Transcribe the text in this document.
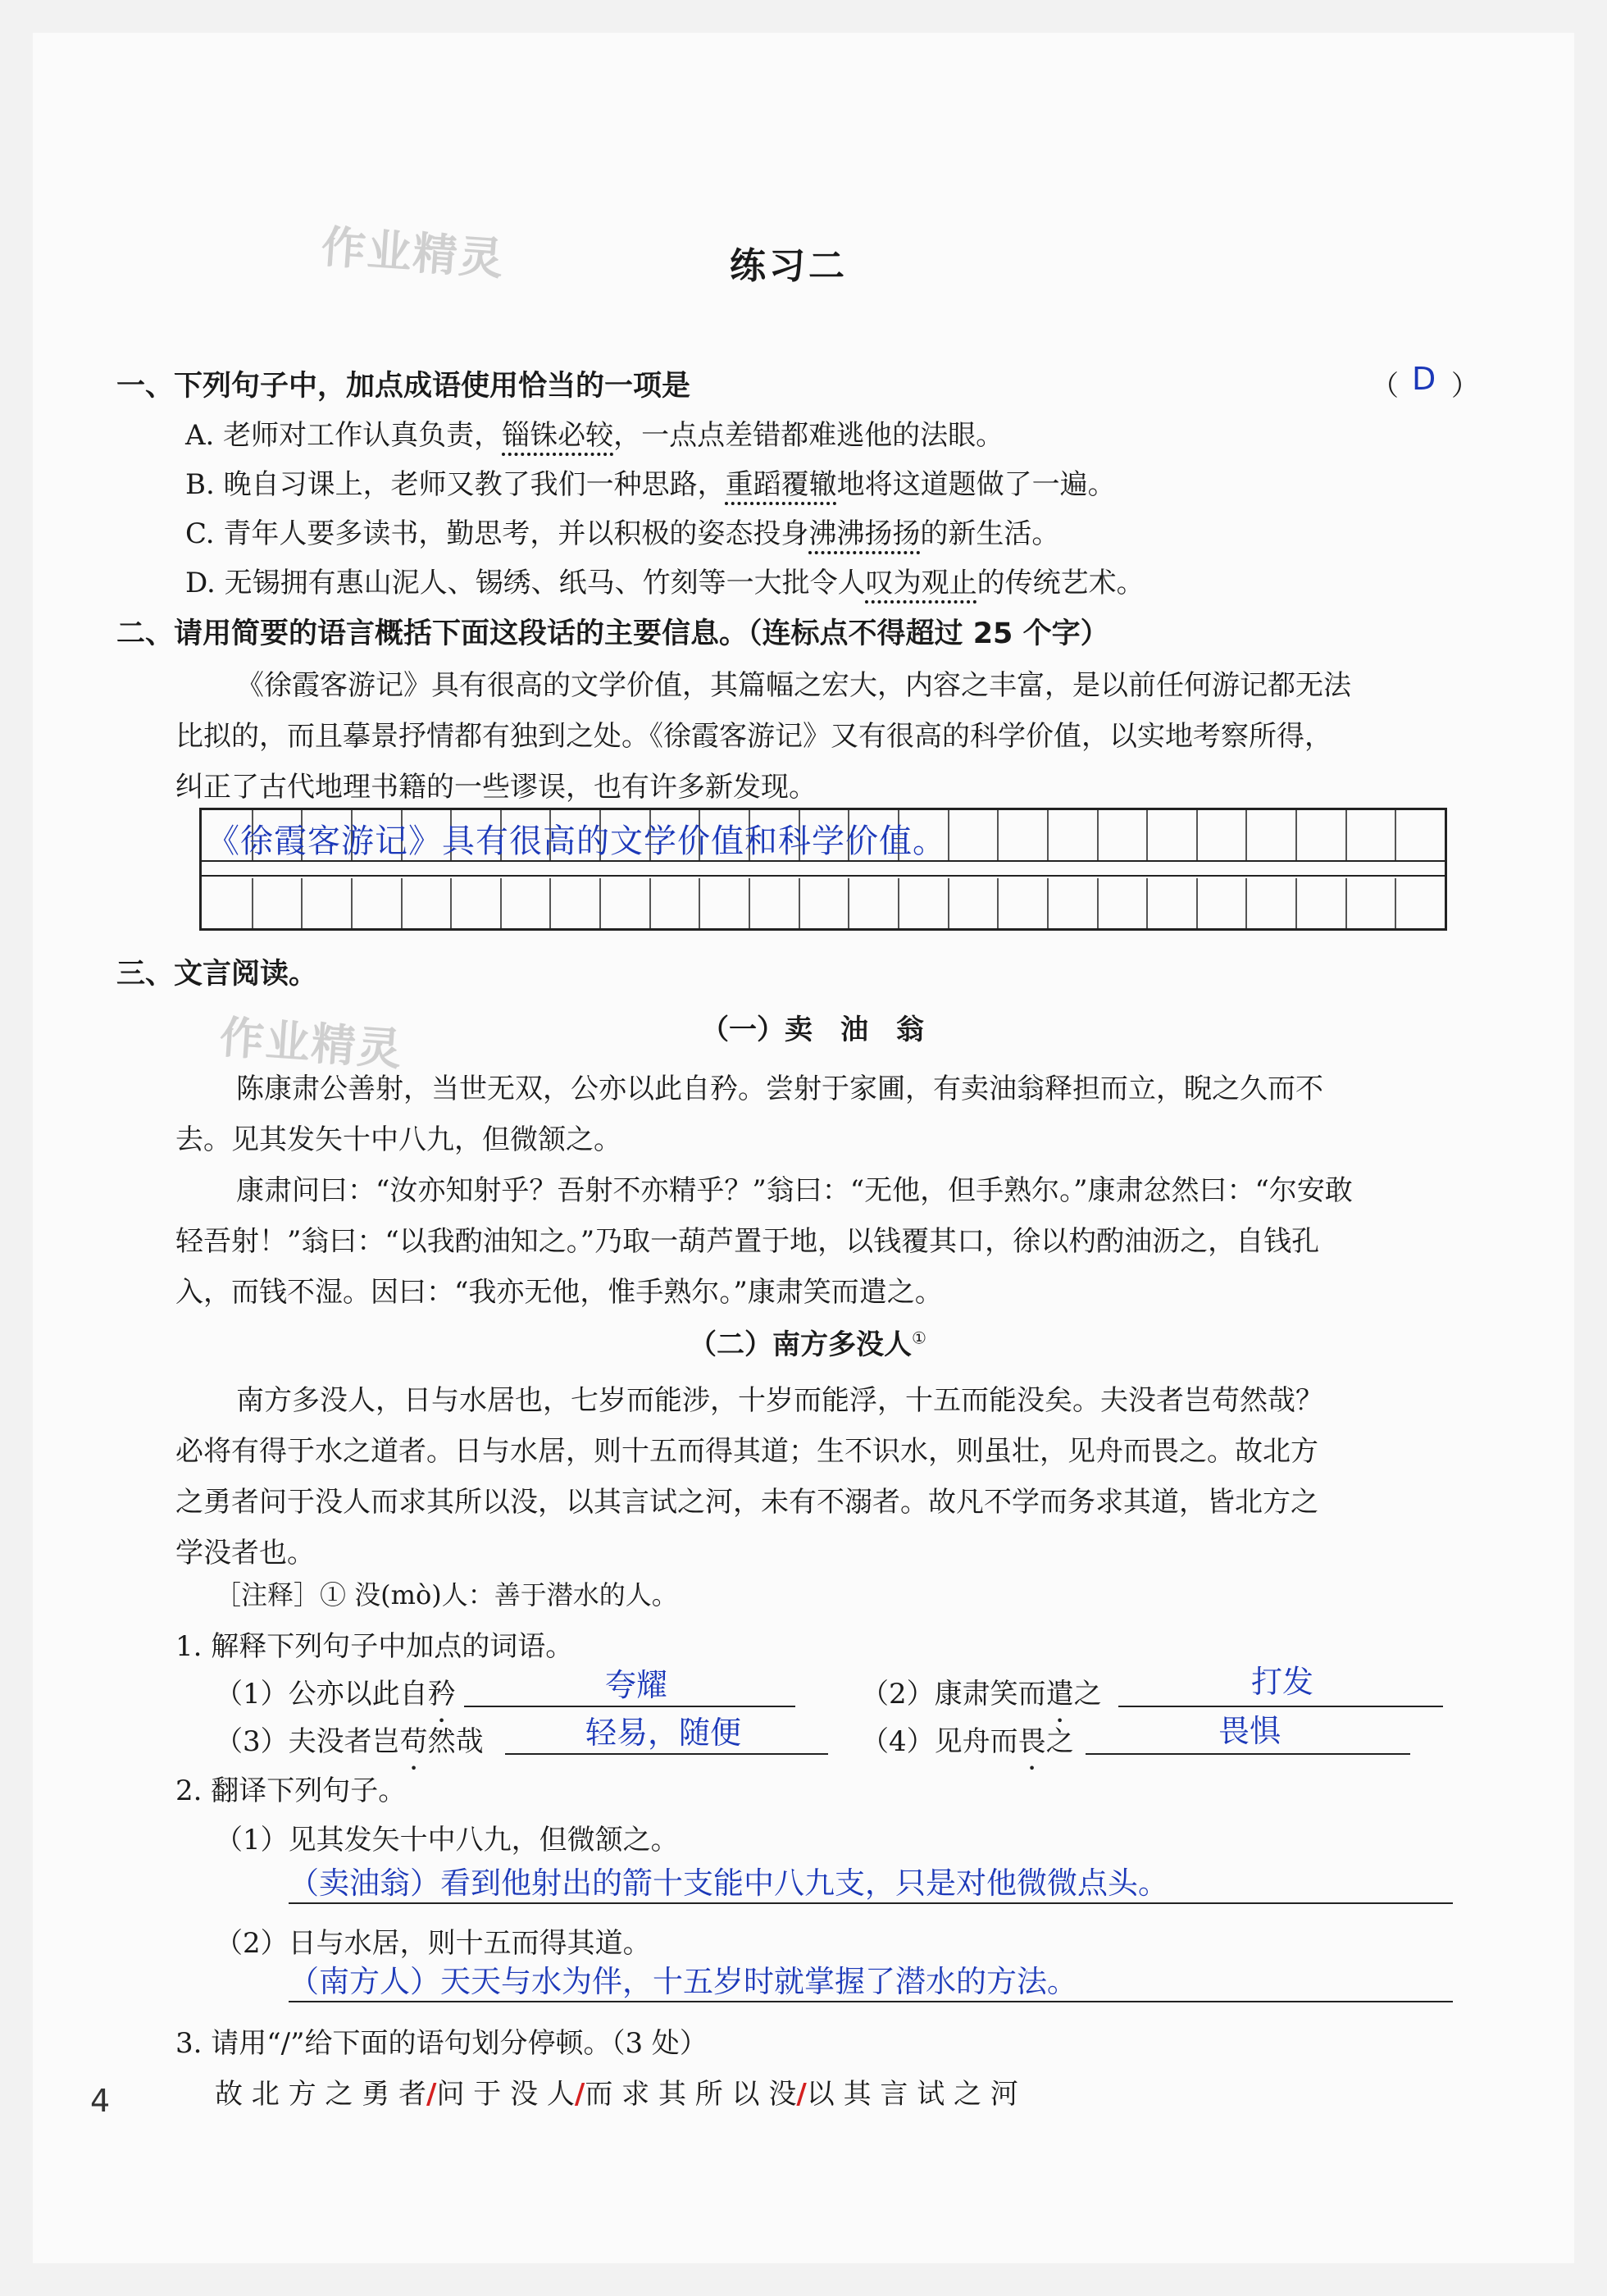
作业精灵
作业精灵
练习二
一、下列句子中，加点成语使用恰当的一项是	（ D ）
A. 老师对工作认真负责，锱铢必较，一点点差错都难逃他的法眼。
B. 晚自习课上，老师又教了我们一种思路，重蹈覆辙地将这道题做了一遍。
C. 青年人要多读书，勤思考，并以积极的姿态投身沸沸扬扬的新生活。
D. 无锡拥有惠山泥人、锡绣、纸马、竹刻等一大批令人叹为观止的传统艺术。
二、请用简要的语言概括下面这段话的主要信息。（连标点不得超过 25 个字）
《徐霞客游记》具有很高的文学价值，其篇幅之宏大，内容之丰富，是以前任何游记都无法
比拟的，而且摹景抒情都有独到之处。《徐霞客游记》又有很高的科学价值，以实地考察所得，
纠正了古代地理书籍的一些谬误，也有许多新发现。
《徐霞客游记》具有很高的文学价值和科学价值。
三、文言阅读。
（一）卖　油　翁
陈康肃公善射，当世无双，公亦以此自矜。尝射于家圃，有卖油翁释担而立，睨之久而不
去。见其发矢十中八九，但微颔之。
康肃问曰：“汝亦知射乎？吾射不亦精乎？”翁曰：“无他，但手熟尔。”康肃忿然曰：“尔安敢
轻吾射！”翁曰：“以我酌油知之。”乃取一葫芦置于地，以钱覆其口，徐以杓酌油沥之，自钱孔
入，而钱不湿。因曰：“我亦无他，惟手熟尔。”康肃笑而遣之。
（二）南方多没人①
南方多没人，日与水居也，七岁而能涉，十岁而能浮，十五而能没矣。夫没者岂苟然哉？
必将有得于水之道者。日与水居，则十五而得其道；生不识水，则虽壮，见舟而畏之。故北方
之勇者问于没人而求其所以没，以其言试之河，未有不溺者。故凡不学而务求其道，皆北方之
学没者也。
［注释］① 没(mò)人：善于潜水的人。
1. 解释下列句子中加点的词语。
（1）公亦以此自矜	夸耀	（2）康肃笑而遣之	打发
（3）夫没者岂苟然哉	轻易，随便	（4）见舟而畏之	畏惧
2. 翻译下列句子。
（1）见其发矢十中八九，但微颔之。
（卖油翁）看到他射出的箭十支能中八九支，只是对他微微点头。
（2）日与水居，则十五而得其道。
（南方人）天天与水为伴，十五岁时就掌握了潜水的方法。
3. 请用“/”给下面的语句划分停顿。（3 处）
故 北 方 之 勇 者/问 于 没 人/而 求 其 所 以 没/以 其 言 试 之 河
4
